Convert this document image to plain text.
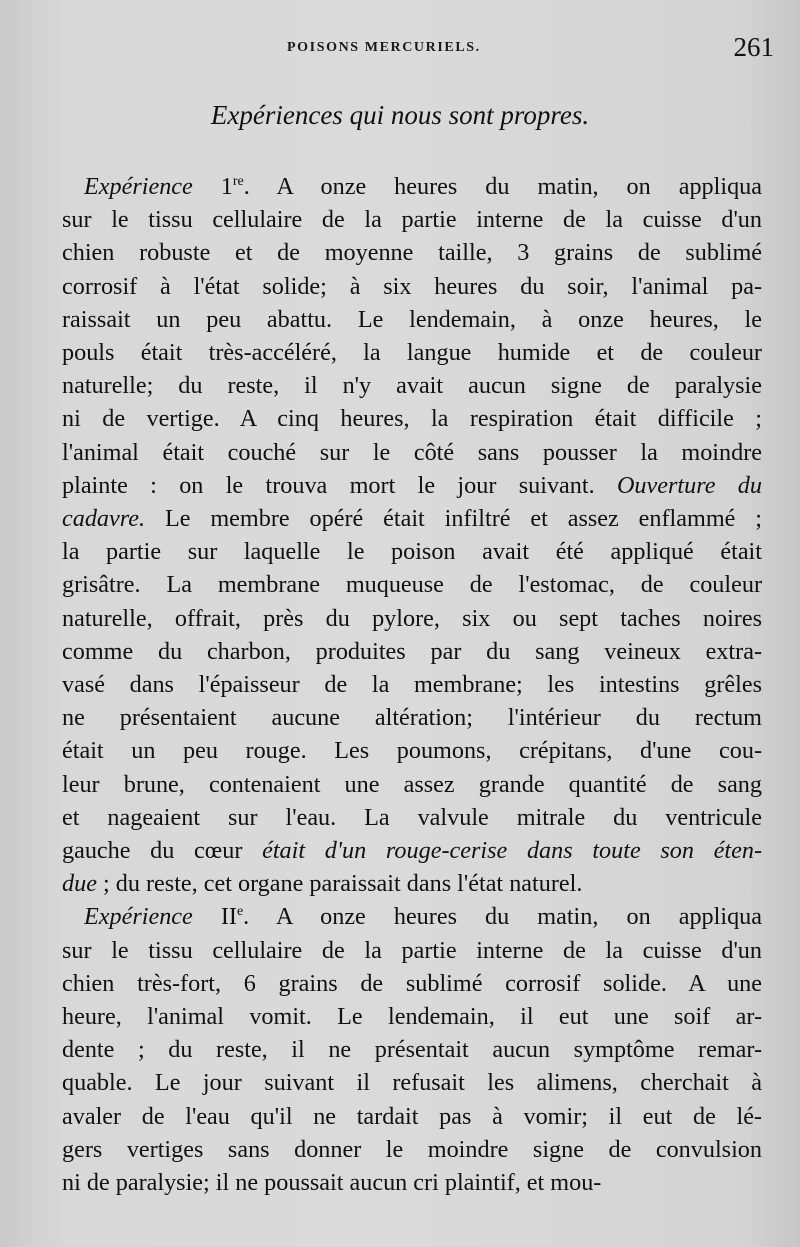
POISONS MERCURIELS.	261
Expériences qui nous sont propres.
Expérience 1re. A onze heures du matin, on appliqua
sur le tissu cellulaire de la partie interne de la cuisse d'un
chien robuste et de moyenne taille, 3 grains de sublimé
corrosif à l'état solide; à six heures du soir, l'animal pa-
raissait un peu abattu. Le lendemain, à onze heures, le
pouls était très-accéléré, la langue humide et de couleur
naturelle; du reste, il n'y avait aucun signe de paralysie
ni de vertige. A cinq heures, la respiration était difficile ;
l'animal était couché sur le côté sans pousser la moindre
plainte : on le trouva mort le jour suivant. Ouverture du
cadavre. Le membre opéré était infiltré et assez enflammé ;
la partie sur laquelle le poison avait été appliqué était
grisâtre. La membrane muqueuse de l'estomac, de couleur
naturelle, offrait, près du pylore, six ou sept taches noires
comme du charbon, produites par du sang veineux extra-
vasé dans l'épaisseur de la membrane; les intestins grêles
ne présentaient aucune altération; l'intérieur du rectum
était un peu rouge. Les poumons, crépitans, d'une cou-
leur brune, contenaient une assez grande quantité de sang
et nageaient sur l'eau. La valvule mitrale du ventricule
gauche du cœur était d'un rouge-cerise dans toute son éten-
due ; du reste, cet organe paraissait dans l'état naturel.
Expérience IIe. A onze heures du matin, on appliqua
sur le tissu cellulaire de la partie interne de la cuisse d'un
chien très-fort, 6 grains de sublimé corrosif solide. A une
heure, l'animal vomit. Le lendemain, il eut une soif ar-
dente ; du reste, il ne présentait aucun symptôme remar-
quable. Le jour suivant il refusait les alimens, cherchait à
avaler de l'eau qu'il ne tardait pas à vomir; il eut de lé-
gers vertiges sans donner le moindre signe de convulsion
ni de paralysie; il ne poussait aucun cri plaintif, et mou-
